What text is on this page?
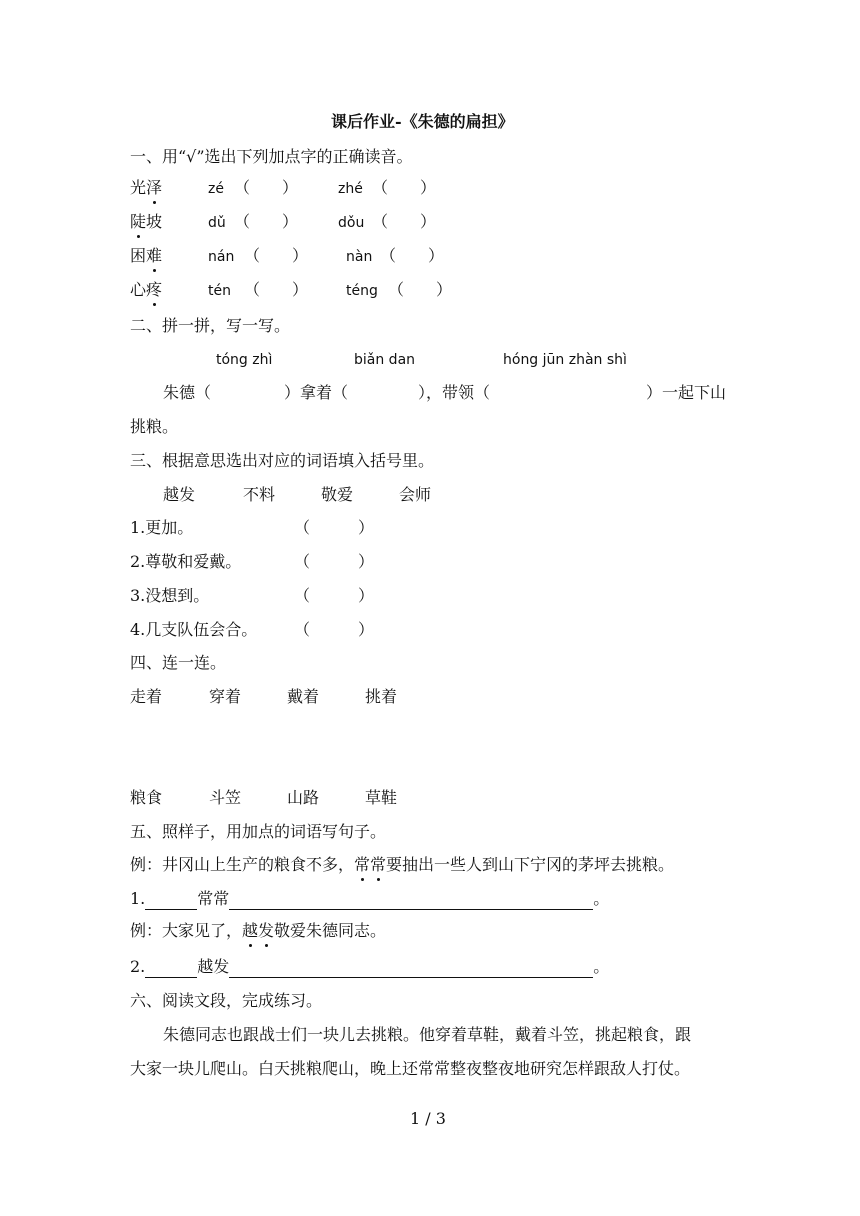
课后作业-《朱德的扁担》
一、用“√”选出下列加点字的正确读音。
光泽	zé （　　）	zhé （　　）
陡坡	dǔ （　　）	dǒu （　　）
困难	nán （　　）	nàn （　　）
心疼	tén （　　）	téng （　　）
二、拼一拼，写一写。
tóng zhì	biǎn dan	hóng jūn zhàn shì
朱德（	）拿着（	），带领（	）一起下山
挑粮。
三、根据意思选出对应的词语填入括号里。
越发	不料	敬爱	会师
1.更加。	（　　　）
2.尊敬和爱戴。	（　　　）
3.没想到。	（　　　）
4.几支队伍会合。 （　　　）
四、连一连。
走着	穿着	戴着	挑着
粮食	斗笠	山路	草鞋
五、照样子，用加点的词语写句子。
例：井冈山上生产的粮食不多，常常要抽出一些人到山下宁冈的茅坪去挑粮。
1.	常常	。
例：大家见了，越发敬爱朱德同志。
2.	越发	。
六、阅读文段，完成练习。
朱德同志也跟战士们一块儿去挑粮。他穿着草鞋，戴着斗笠，挑起粮食，跟
大家一块儿爬山。白天挑粮爬山，晚上还常常整夜整夜地研究怎样跟敌人打仗。
1 / 3
